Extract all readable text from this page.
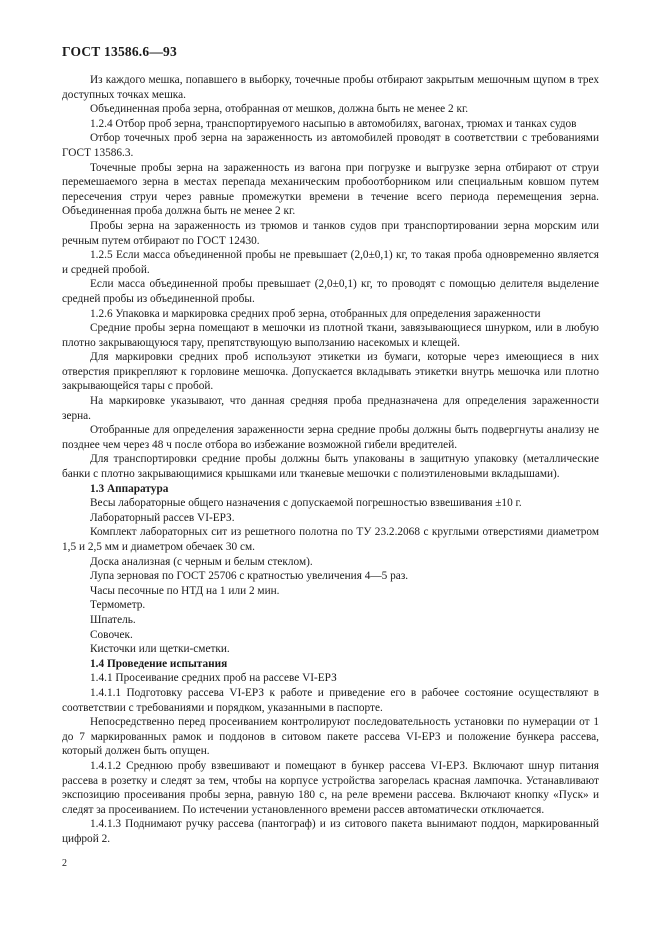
ГОСТ 13586.6—93

Из каждого мешка, попавшего в выборку, точечные пробы отбирают закрытым мешочным щупом в трех доступных точках мешка.

Объединенная проба зерна, отобранная от мешков, должна быть не менее 2 кг.

1.2.4 Отбор проб зерна, транспортируемого насыпью в автомобилях, вагонах, трюмах и танках судов

Отбор точечных проб зерна на зараженность из автомобилей проводят в соответствии с требованиями ГОСТ 13586.3.

Точечные пробы зерна на зараженность из вагона при погрузке и выгрузке зерна отбирают от струи перемешаемого зерна в местах перепада механическим пробоотборником или специальным ковшом путем пересечения струи через равные промежутки времени в течение всего периода перемещения зерна. Объединенная проба должна быть не менее 2 кг.

Пробы зерна на зараженность из трюмов и танков судов при транспортировании зерна морским или речным путем отбирают по ГОСТ 12430.

1.2.5 Если масса объединенной пробы не превышает (2,0±0,1) кг, то такая проба одновременно является и средней пробой.

Если масса объединенной пробы превышает (2,0±0,1) кг, то проводят с помощью делителя выделение средней пробы из объединенной пробы.

1.2.6 Упаковка и маркировка средних проб зерна, отобранных для определения зараженности

Средние пробы зерна помещают в мешочки из плотной ткани, завязывающиеся шнурком, или в любую плотно закрывающуюся тару, препятствующую выползанию насекомых и клещей.

Для маркировки средних проб используют этикетки из бумаги, которые через имеющиеся в них отверстия прикрепляют к горловине мешочка. Допускается вкладывать этикетки внутрь мешочка или плотно закрывающейся тары с пробой.

На маркировке указывают, что данная средняя проба предназначена для определения зараженности зерна.

Отобранные для определения зараженности зерна средние пробы должны быть подвергнуты анализу не позднее чем через 48 ч после отбора во избежание возможной гибели вредителей.

Для транспортировки средние пробы должны быть упакованы в защитную упаковку (металлические банки с плотно закрывающимися крышками или тканевые мешочки с полиэтиленовыми вкладышами).

1.3 Аппаратура

Весы лабораторные общего назначения с допускаемой погрешностью взвешивания ±10 г.

Лабораторный рассев VI-ЕРЗ.

Комплект лабораторных сит из решетного полотна по ТУ 23.2.2068 с круглыми отверстиями диаметром 1,5 и 2,5 мм и диаметром обечаек 30 см.

Доска анализная (с черным и белым стеклом).

Лупа зерновая по ГОСТ 25706 с кратностью увеличения 4—5 раз.

Часы песочные по НТД на 1 или 2 мин.

Термометр.

Шпатель.

Совочек.

Кисточки или щетки-сметки.

1.4 Проведение испытания

1.4.1 Просеивание средних проб на рассеве VI-ЕРЗ

1.4.1.1 Подготовку рассева VI-ЕРЗ к работе и приведение его в рабочее состояние осуществляют в соответствии с требованиями и порядком, указанными в паспорте.

Непосредственно перед просеиванием контролируют последовательность установки по нумерации от 1 до 7 маркированных рамок и поддонов в ситовом пакете рассева VI-ЕРЗ и положение бункера рассева, который должен быть опущен.

1.4.1.2 Среднюю пробу взвешивают и помещают в бункер рассева VI-ЕРЗ. Включают шнур питания рассева в розетку и следят за тем, чтобы на корпусе устройства загорелась красная лампочка. Устанавливают экспозицию просеивания пробы зерна, равную 180 с, на реле времени рассева. Включают кнопку «Пуск» и следят за просеиванием. По истечении установленного времени рассев автоматически отключается.

1.4.1.3 Поднимают ручку рассева (пантограф) и из ситового пакета вынимают поддон, маркированный цифрой 2.

2
